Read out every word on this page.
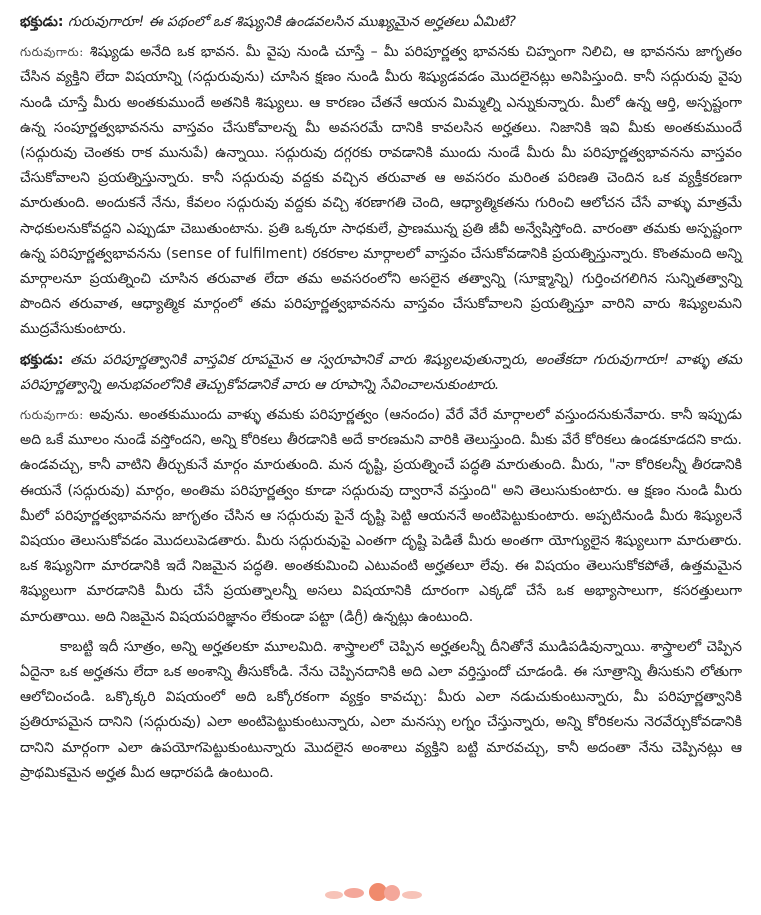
భక్తుడు: గురువుగారూ! ఈ పథంలో ఒక శిష్యునికి ఉండవలసిన ముఖ్యమైన అర్హతలు ఏమిటి?

గురువుగారు: శిష్యుడు అనేది ఒక భావన. మీ వైపు నుండి చూస్తే – మీ పరిపూర్ణత్వ భావనకు చిహ్నంగా నిలిచి, ఆ భావనను జాగృతం చేసిన వ్యక్తిని లేదా విషయాన్ని (సద్గురువును) చూసిన క్షణం నుండి మీరు శిష్యుడవడం మొదలైనట్లు అనిపిస్తుంది. కానీ సద్గురువు వైపు నుండి చూస్తే మీరు అంతకుముందే అతనికి శిష్యులు. ఆ కారణం చేతనే ఆయన మిమ్మల్ని ఎన్నుకున్నారు. మీలో ఉన్న ఆర్తి, అస్పష్టంగా ఉన్న సంపూర్ణత్వభావనను వాస్తవం చేసుకోవాలన్న మీ అవసరమే దానికి కావలసిన అర్హతలు. నిజానికి ఇవి మీకు అంతకుముందే (సద్గురువు చెంతకు రాక మునుపే) ఉన్నాయి. సద్గురువు దగ్గరకు రావడానికి ముందు నుండే మీరు మీ పరిపూర్ణత్వభావనను వాస్తవం చేసుకోవాలని ప్రయత్నిస్తున్నారు. కానీ సద్గురువు వద్దకు వచ్చిన తరువాత ఆ అవసరం మరింత పరిణతి చెందిన ఒక వ్యక్తీకరణగా మారుతుంది. అందుకనే నేను, కేవలం సద్గురువు వద్దకు వచ్చి శరణాగతి చెంది, ఆధ్యాత్మికతను గురించి ఆలోచన చేసే వాళ్ళు మాత్రమే సాధకులనుకోవద్దని ఎప్పుడూ చెబుతుంటాను. ప్రతి ఒక్కరూ సాధకులే, ప్రాణమున్న ప్రతి జీవీ అన్వేషిస్తోంది. వారంతా తమకు అస్పష్టంగా ఉన్న పరిపూర్ణత్వభావనను (sense of fulfilment) రకరకాల మార్గాలలో వాస్తవం చేసుకోవడానికి ప్రయత్నిస్తున్నారు. కొంతమంది అన్ని మార్గాలనూ ప్రయత్నించి చూసిన తరువాత లేదా తమ అవసరంలోని అసలైన తత్వాన్ని (సూక్ష్మాన్ని) గుర్తించగలిగిన సున్నితత్వాన్ని పొందిన తరువాత, ఆధ్యాత్మిక మార్గంలో తమ పరిపూర్ణత్వభావనను వాస్తవం చేసుకోవాలని ప్రయత్నిస్తూ వారిని వారు శిష్యులమని ముద్రవేసుకుంటారు.

భక్తుడు: తమ పరిపూర్ణత్వానికి వాస్తవిక రూపమైన ఆ స్వరూపానికే వారు శిష్యులవుతున్నారు, అంతేకదా గురువుగారూ! వాళ్ళు తమ పరిపూర్ణత్వాన్ని అనుభవంలోనికి తెచ్చుకోవడానికే వారు ఆ రూపాన్ని సేవించాలనుకుంటారు.

గురువుగారు: అవును. అంతకుముందు వాళ్ళు తమకు పరిపూర్ణత్వం (ఆనందం) వేరే వేరే మార్గాలలో వస్తుందనుకునేవారు. కానీ ఇప్పుడు అది ఒకే మూలం నుండే వస్తోందని, అన్ని కోరికలు తీరడానికి అదే కారణమని వారికి తెలుస్తుంది. మీకు వేరే కోరికలు ఉండకూడదని కాదు. ఉండవచ్చు, కానీ వాటిని తీర్చుకునే మార్గం మారుతుంది. మన దృష్టి, ప్రయత్నించే పద్ధతి మారుతుంది. మీరు, "నా కోరికలన్నీ తీరడానికి ఈయనే (సద్గురువు) మార్గం, అంతిమ పరిపూర్ణత్వం కూడా సద్గురువు ద్వారానే వస్తుంది" అని తెలుసుకుంటారు. ఆ క్షణం నుండి మీరు మీలో పరిపూర్ణత్వభావనను జాగృతం చేసిన ఆ సద్గురువు పైనే దృష్టి పెట్టి ఆయననే అంటిపెట్టుకుంటారు. అప్పటినుండి మీరు శిష్యులనే విషయం తెలుసుకోవడం మొదలుపెడతారు. మీరు సద్గురువుపై ఎంతగా దృష్టి పెడితే మీరు అంతగా యోగ్యులైన శిష్యులుగా మారుతారు. ఒక శిష్యునిగా మారడానికి ఇదే నిజమైన పద్ధతి. అంతకుమించి ఎటువంటి అర్హతలూ లేవు. ఈ విషయం తెలుసుకోకపోతే, ఉత్తమమైన శిష్యులుగా మారడానికి మీరు చేసే ప్రయత్నాలన్నీ అసలు విషయానికి దూరంగా ఎక్కడో చేసే ఒక అభ్యాసాలుగా, కసరత్తులుగా మారుతాయి. అది నిజమైన విషయపరిజ్ఞానం లేకుండా పట్టా (డిగ్రీ) ఉన్నట్లు ఉంటుంది.

కాబట్టి ఇదీ సూత్రం, అన్ని అర్హతలకూ మూలమిది. శాస్త్రాలలో చెప్పిన అర్హతలన్నీ దీనితోనే ముడిపడివున్నాయి. శాస్త్రాలలో చెప్పిన ఏదైనా ఒక అర్హతను లేదా ఒక అంశాన్ని తీసుకోండి. నేను చెప్పినదానికి అది ఎలా వర్తిస్తుందో చూడండి. ఈ సూత్రాన్ని తీసుకుని లోతుగా ఆలోచించండి. ఒక్కొక్కరి విషయంలో అది ఒక్కోరకంగా వ్యక్తం కావచ్చు: మీరు ఎలా నడుచుకుంటున్నారు, మీ పరిపూర్ణత్వానికి ప్రతిరూపమైన దానిని (సద్గురువు) ఎలా అంటిపెట్టుకుంటున్నారు, ఎలా మనస్సు లగ్నం చేస్తున్నారు, అన్ని కోరికలను నెరవేర్చుకోవడానికి దానిని మార్గంగా ఎలా ఉపయోగపెట్టుకుంటున్నారు మొదలైన అంశాలు వ్యక్తిని బట్టి మారవచ్చు, కానీ అదంతా నేను చెప్పినట్లు ఆ ప్రాథమికమైన అర్హత మీద ఆధారపడి ఉంటుంది.
